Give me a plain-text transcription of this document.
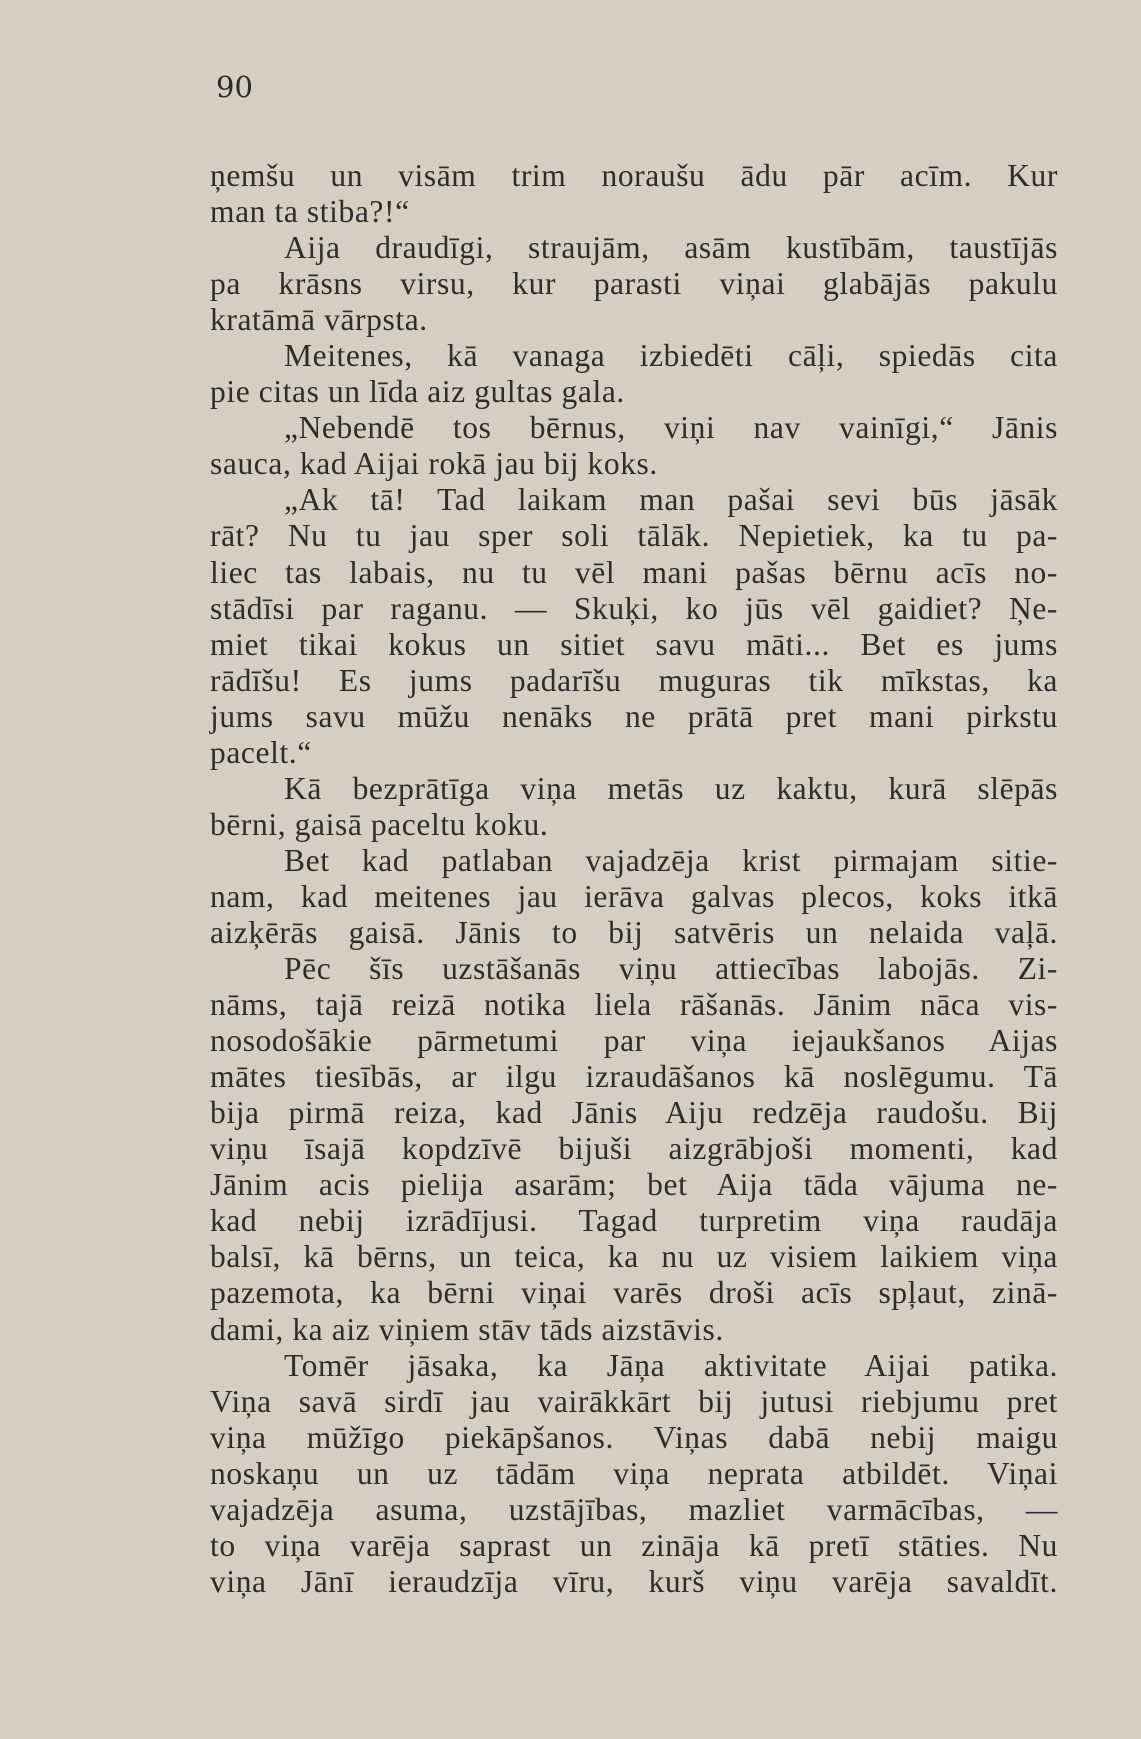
90
ņemšu un visām trim noraušu ādu pār acīm. Kur
man ta stiba?!“
Aija draudīgi, straujām, asām kustībām, taustījās
pa krāsns virsu, kur parasti viņai glabājās pakulu
kratāmā vārpsta.
Meitenes, kā vanaga izbiedēti cāļi, spiedās cita
pie citas un līda aiz gultas gala.
„Nebendē tos bērnus, viņi nav vainīgi,“ Jānis
sauca, kad Aijai rokā jau bij koks.
„Ak tā! Tad laikam man pašai sevi būs jāsāk
rāt? Nu tu jau sper soli tālāk. Nepietiek, ka tu pa-
liec tas labais, nu tu vēl mani pašas bērnu acīs no-
stādīsi par raganu. — Skuķi, ko jūs vēl gaidiet? Ņe-
miet tikai kokus un sitiet savu māti... Bet es jums
rādīšu! Es jums padarīšu muguras tik mīkstas, ka
jums savu mūžu nenāks ne prātā pret mani pirkstu
pacelt.“
Kā bezprātīga viņa metās uz kaktu, kurā slēpās
bērni, gaisā paceltu koku.
Bet kad patlaban vajadzēja krist pirmajam sitie-
nam, kad meitenes jau ierāva galvas plecos, koks itkā
aizķērās gaisā. Jānis to bij satvēris un nelaida vaļā.
Pēc šīs uzstāšanās viņu attiecības labojās. Zi-
nāms, tajā reizā notika liela rāšanās. Jānim nāca vis-
nosodošākie pārmetumi par viņa iejaukšanos Aijas
mātes tiesībās, ar ilgu izraudāšanos kā noslēgumu. Tā
bija pirmā reiza, kad Jānis Aiju redzēja raudošu. Bij
viņu īsajā kopdzīvē bijuši aizgrābjoši momenti, kad
Jānim acis pielija asarām; bet Aija tāda vājuma ne-
kad nebij izrādījusi. Tagad turpretim viņa raudāja
balsī, kā bērns, un teica, ka nu uz visiem laikiem viņa
pazemota, ka bērni viņai varēs droši acīs spļaut, zinā-
dami, ka aiz viņiem stāv tāds aizstāvis.
Tomēr jāsaka, ka Jāņa aktivitate Aijai patika.
Viņa savā sirdī jau vairākkārt bij jutusi riebjumu pret
viņa mūžīgo piekāpšanos. Viņas dabā nebij maigu
noskaņu un uz tādām viņa neprata atbildēt. Viņai
vajadzēja asuma, uzstājības, mazliet varmācības, —
to viņa varēja saprast un zināja kā pretī stāties. Nu
viņa Jānī ieraudzīja vīru, kurš viņu varēja savaldīt.
